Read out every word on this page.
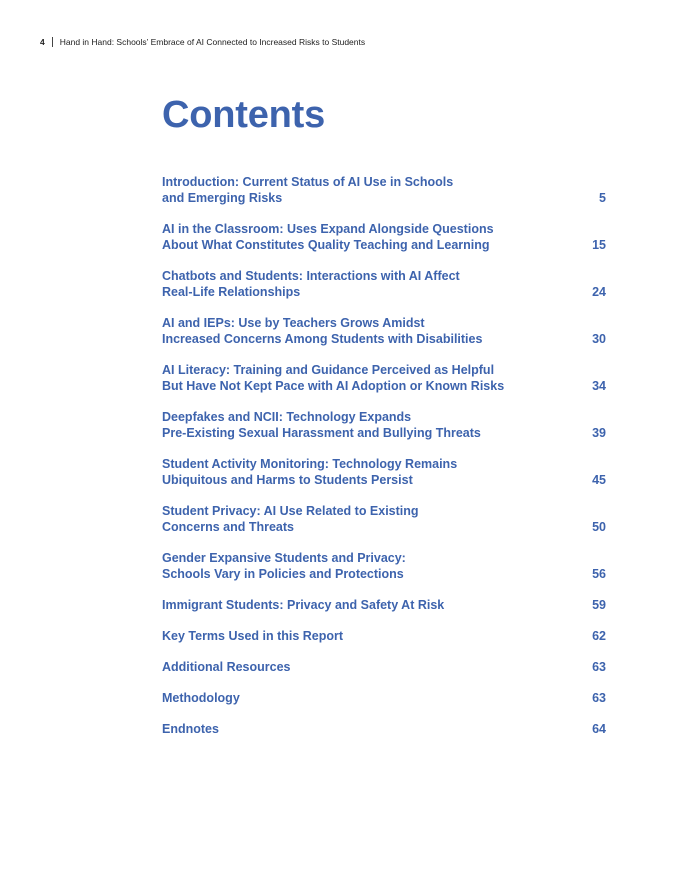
4 Hand in Hand: Schools’ Embrace of AI Connected to Increased Risks to Students
Contents
Introduction: Current Status of AI Use in Schools
and Emerging Risks	5
AI in the Classroom: Uses Expand Alongside Questions
About What Constitutes Quality Teaching and Learning	15
Chatbots and Students: Interactions with AI Affect
Real-Life Relationships	24
AI and IEPs: Use by Teachers Grows Amidst
Increased Concerns Among Students with Disabilities	30
AI Literacy: Training and Guidance Perceived as Helpful
But Have Not Kept Pace with AI Adoption or Known Risks	34
Deepfakes and NCII: Technology Expands
Pre-Existing Sexual Harassment and Bullying Threats	39
Student Activity Monitoring: Technology Remains
Ubiquitous and Harms to Students Persist	45
Student Privacy: AI Use Related to Existing
Concerns and Threats	50
Gender Expansive Students and Privacy:
Schools Vary in Policies and Protections	56
Immigrant Students: Privacy and Safety At Risk	59
Key Terms Used in this Report	62
Additional Resources	63
Methodology	63
Endnotes	64
